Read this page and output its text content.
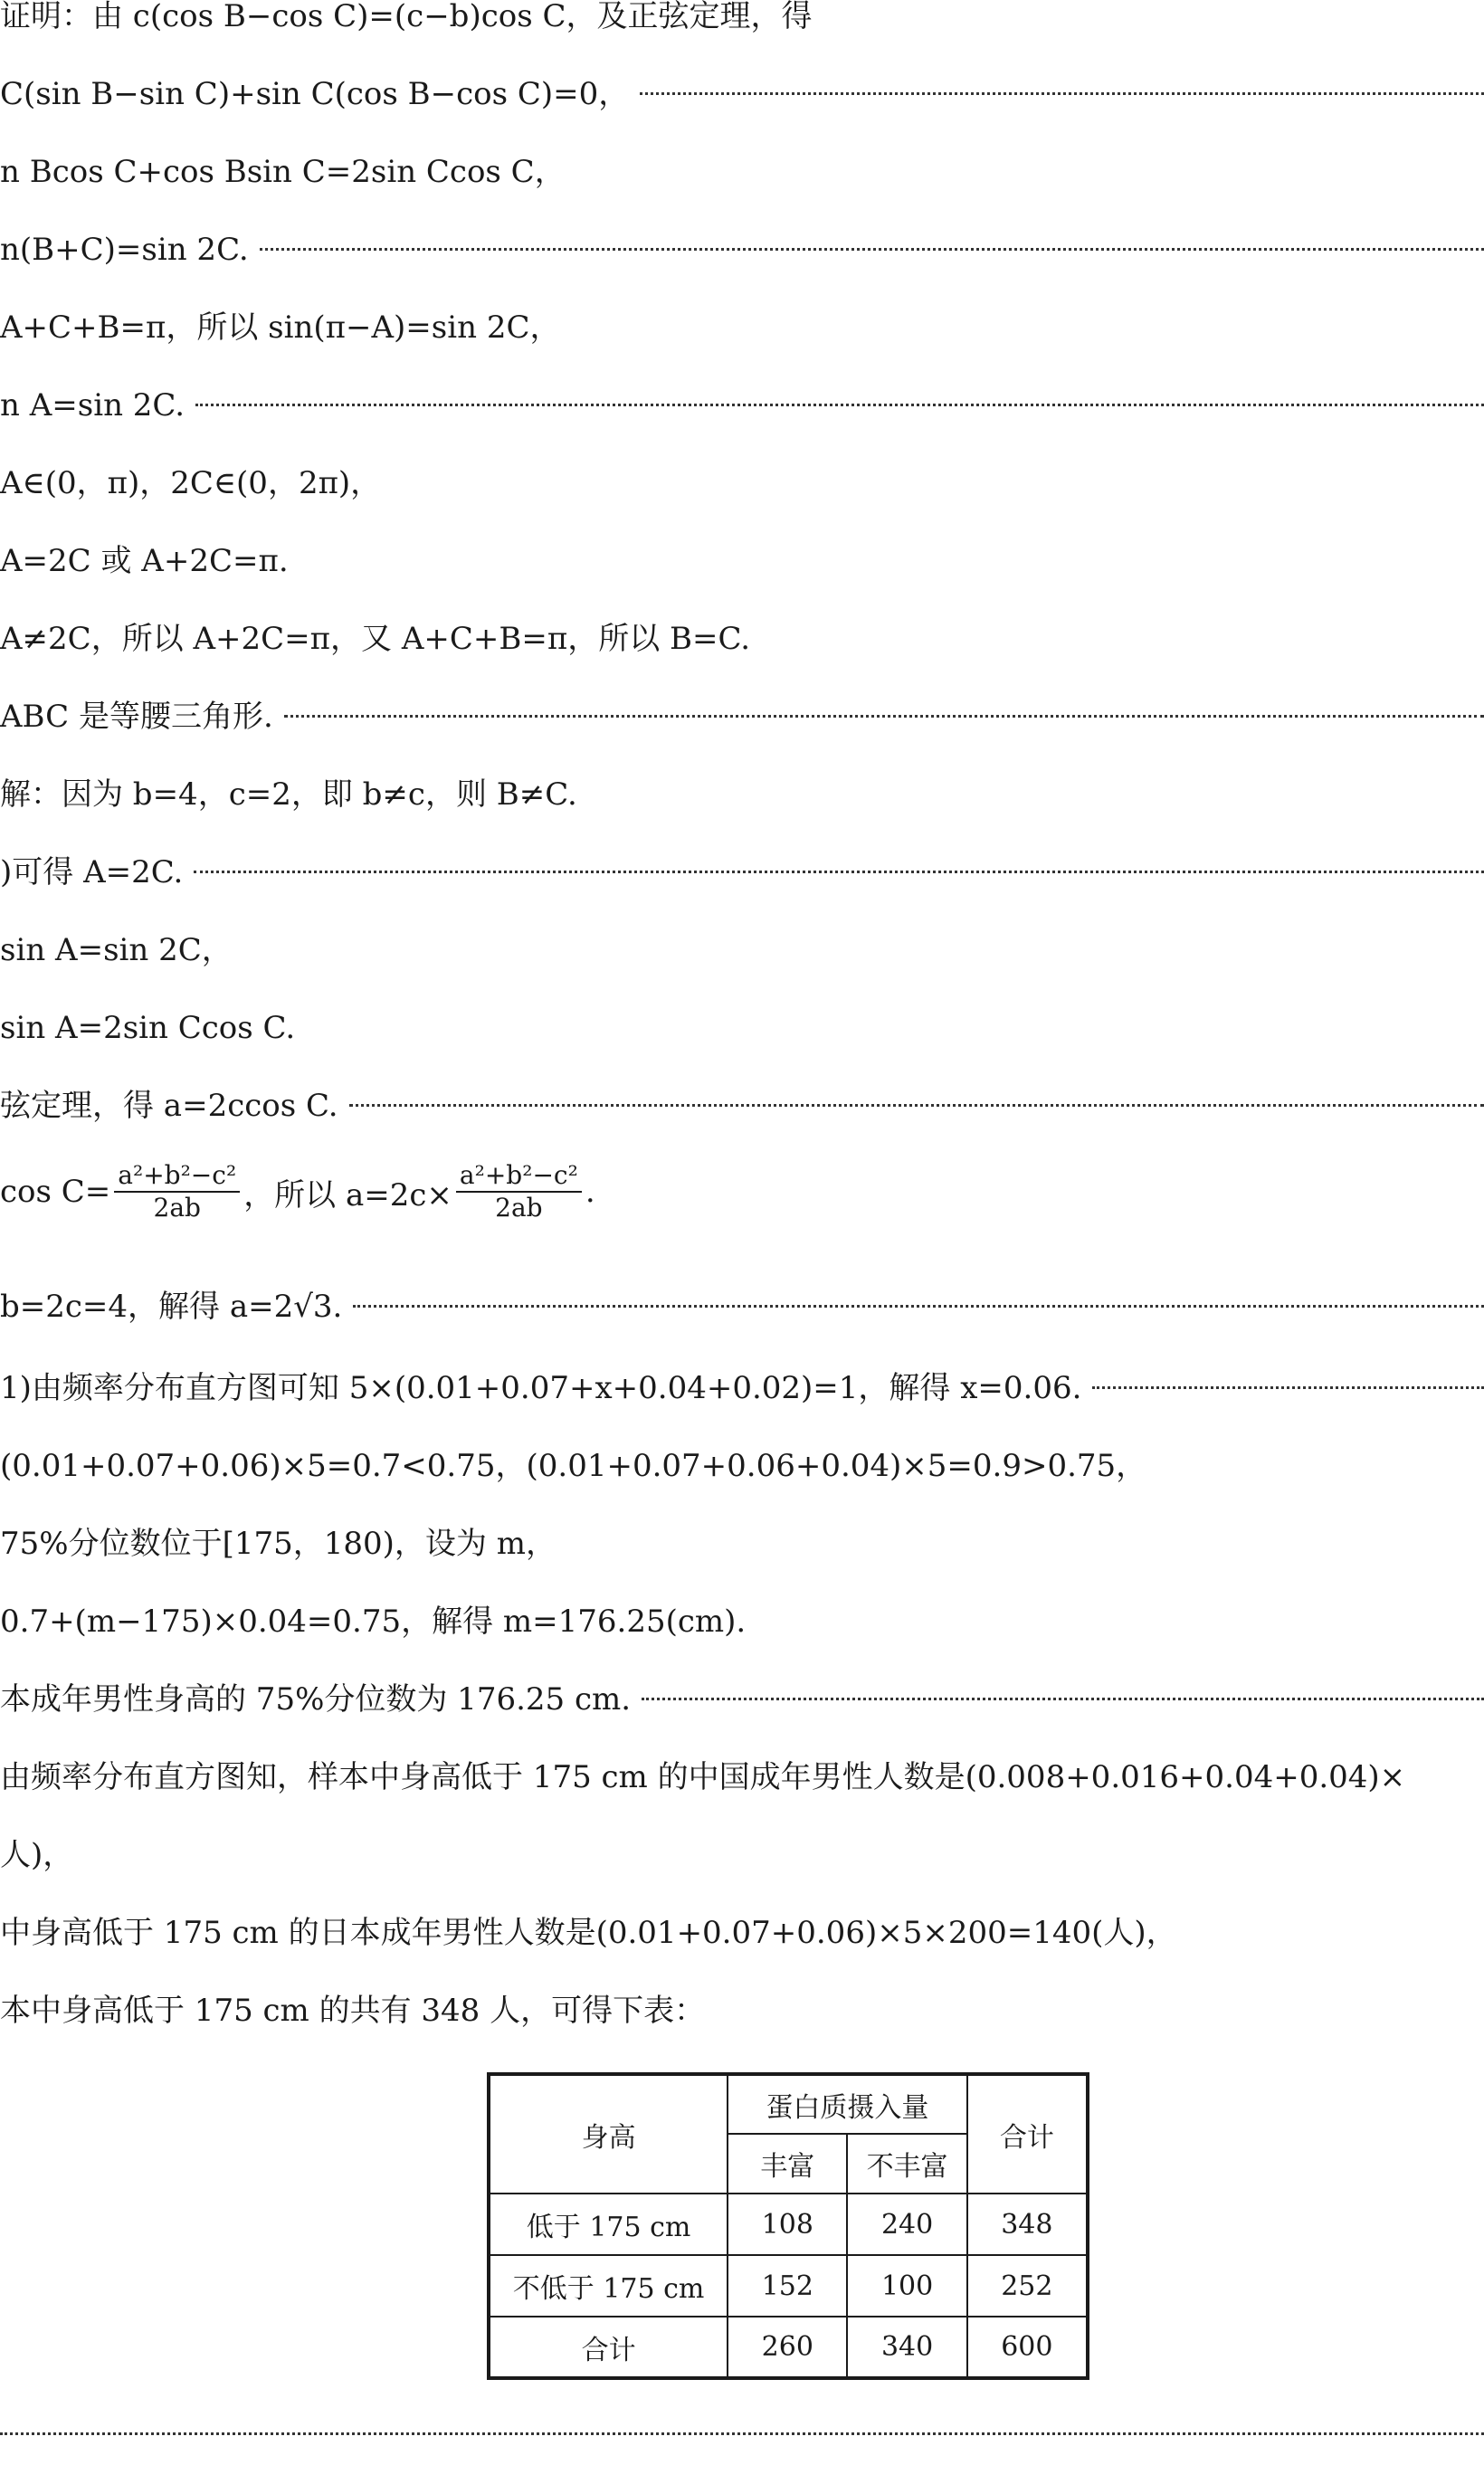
证明：由 c(cos B−cos C)=(c−b)cos C，及正弦定理，得
C(sin B−sin C)+sin C(cos B−cos C)=0，
n Bcos C+cos Bsin C=2sin Ccos C，
n(B+C)=sin 2C.
A+C+B=π，所以 sin(π−A)=sin 2C，
n A=sin 2C.
A∈(0，π)，2C∈(0，2π)，
A=2C 或 A+2C=π.
A≠2C，所以 A+2C=π，又 A+C+B=π，所以 B=C.
ABC 是等腰三角形.
解：因为 b=4，c=2，即 b≠c，则 B≠C.
)可得 A=2C.
sin A=sin 2C，
sin A=2sin Ccos C.
弦定理，得 a=2ccos C.
$\cos C= \frac{\text{a²+b²−c²}}{2ab}$ ，所以 $a=2c\times \frac{\text{a²+b²−c²}}{2ab}$ .
b=2c=4，解得 a=2√3.
1)由频率分布直方图可知 5×(0.01+0.07+x+0.04+0.02)=1，解得 x=0.06.
(0.01+0.07+0.06)×5=0.7<0.75，(0.01+0.07+0.06+0.04)×5=0.9>0.75，
75%分位数位于[175，180)，设为 m，
0.7+(m−175)×0.04=0.75，解得 m=176.25(cm).
本成年男性身高的 75%分位数为 176.25 cm.
由频率分布直方图知，样本中身高低于 175 cm 的中国成年男性人数是(0.008+0.016+0.04+0.04)×
人)，
中身高低于 175 cm 的日本成年男性人数是(0.01+0.07+0.06)×5×200=140(人)，
本中身高低于 175 cm 的共有 348 人，可得下表：
身高	蛋白质摄入量		合计
	丰富	不丰富	
低于 175 cm	108	240	348
不低于 175 cm	152	100	252
合计	260	340	600
